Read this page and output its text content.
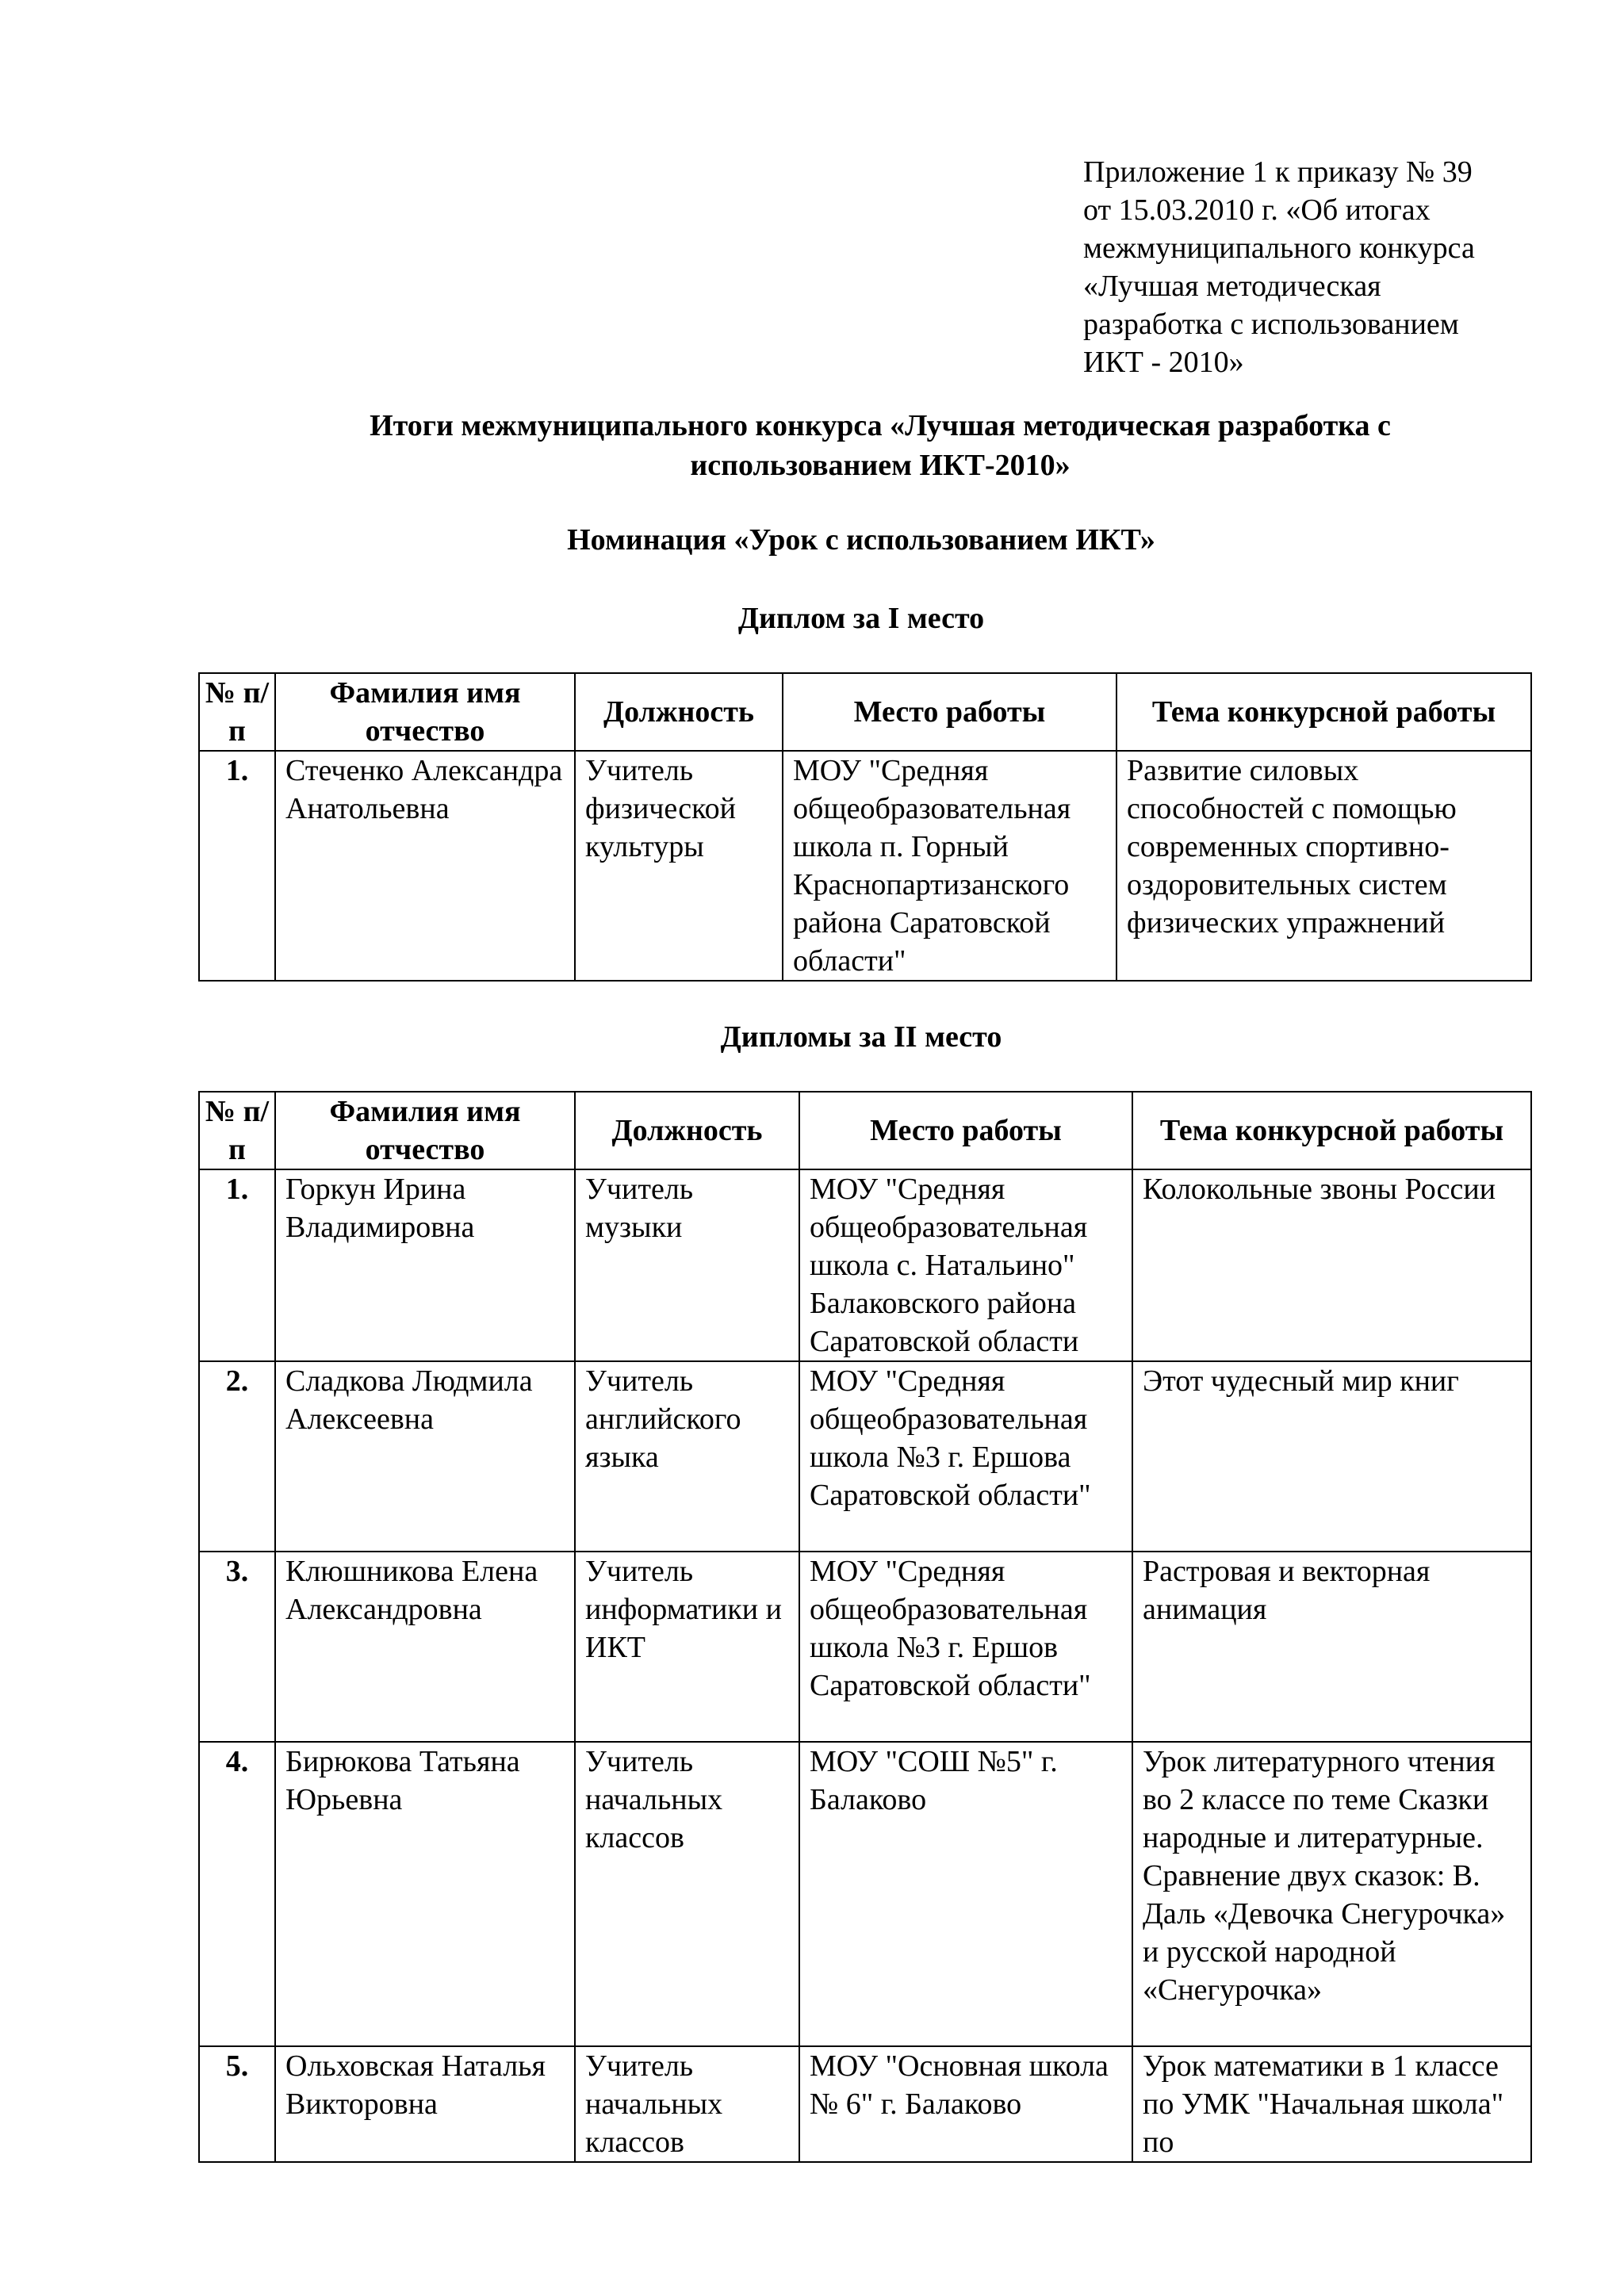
Приложение 1 к приказу № 39
от 15.03.2010 г. «Об итогах
межмуниципального конкурса
«Лучшая методическая
разработка с использованием
ИКТ - 2010»
Итоги межмуниципального конкурса «Лучшая методическая разработка с
использованием ИКТ-2010»
Номинация «Урок с использованием ИКТ»
Диплом за I место
№ п/п	Фамилия имя отчество	Должность	Место работы	Тема конкурсной работы
1.	Стеченко Александра Анатольевна	Учитель физической культуры	МОУ "Средняя общеобразовательная школа п. Горный Краснопартизанского района Саратовской области"	Развитие силовых способностей с помощью современных спортивно-оздоровительных систем физических упражнений
Дипломы за II место
№ п/п	Фамилия имя отчество	Должность	Место работы	Тема конкурсной работы
1.	Горкун Ирина Владимировна	Учитель музыки	МОУ "Средняя общеобразовательная школа с. Натальино" Балаковского района Саратовской области	Колокольные звоны России
2.	Сладкова Людмила Алексеевна	Учитель английского языка	МОУ "Средняя общеобразовательная школа №3 г. Ершова Саратовской области"	Этот чудесный мир книг
3.	Клюшникова Елена Александровна	Учитель информатики и ИКТ	МОУ "Средняя общеобразовательная школа №3 г. Ершов Саратовской области"	Растровая и векторная анимация
4.	Бирюкова Татьяна Юрьевна	Учитель начальных классов	МОУ "СОШ №5" г. Балаково	Урок литературного чтения во 2 классе по теме Сказки народные и литературные. Сравнение двух сказок: В. Даль «Девочка Снегурочка» и русской народной «Снегурочка»
5.	Ольховская Наталья Викторовна	Учитель начальных классов	МОУ "Основная школа № 6" г. Балаково	Урок математики в 1 классе по УМК "Начальная школа" по
